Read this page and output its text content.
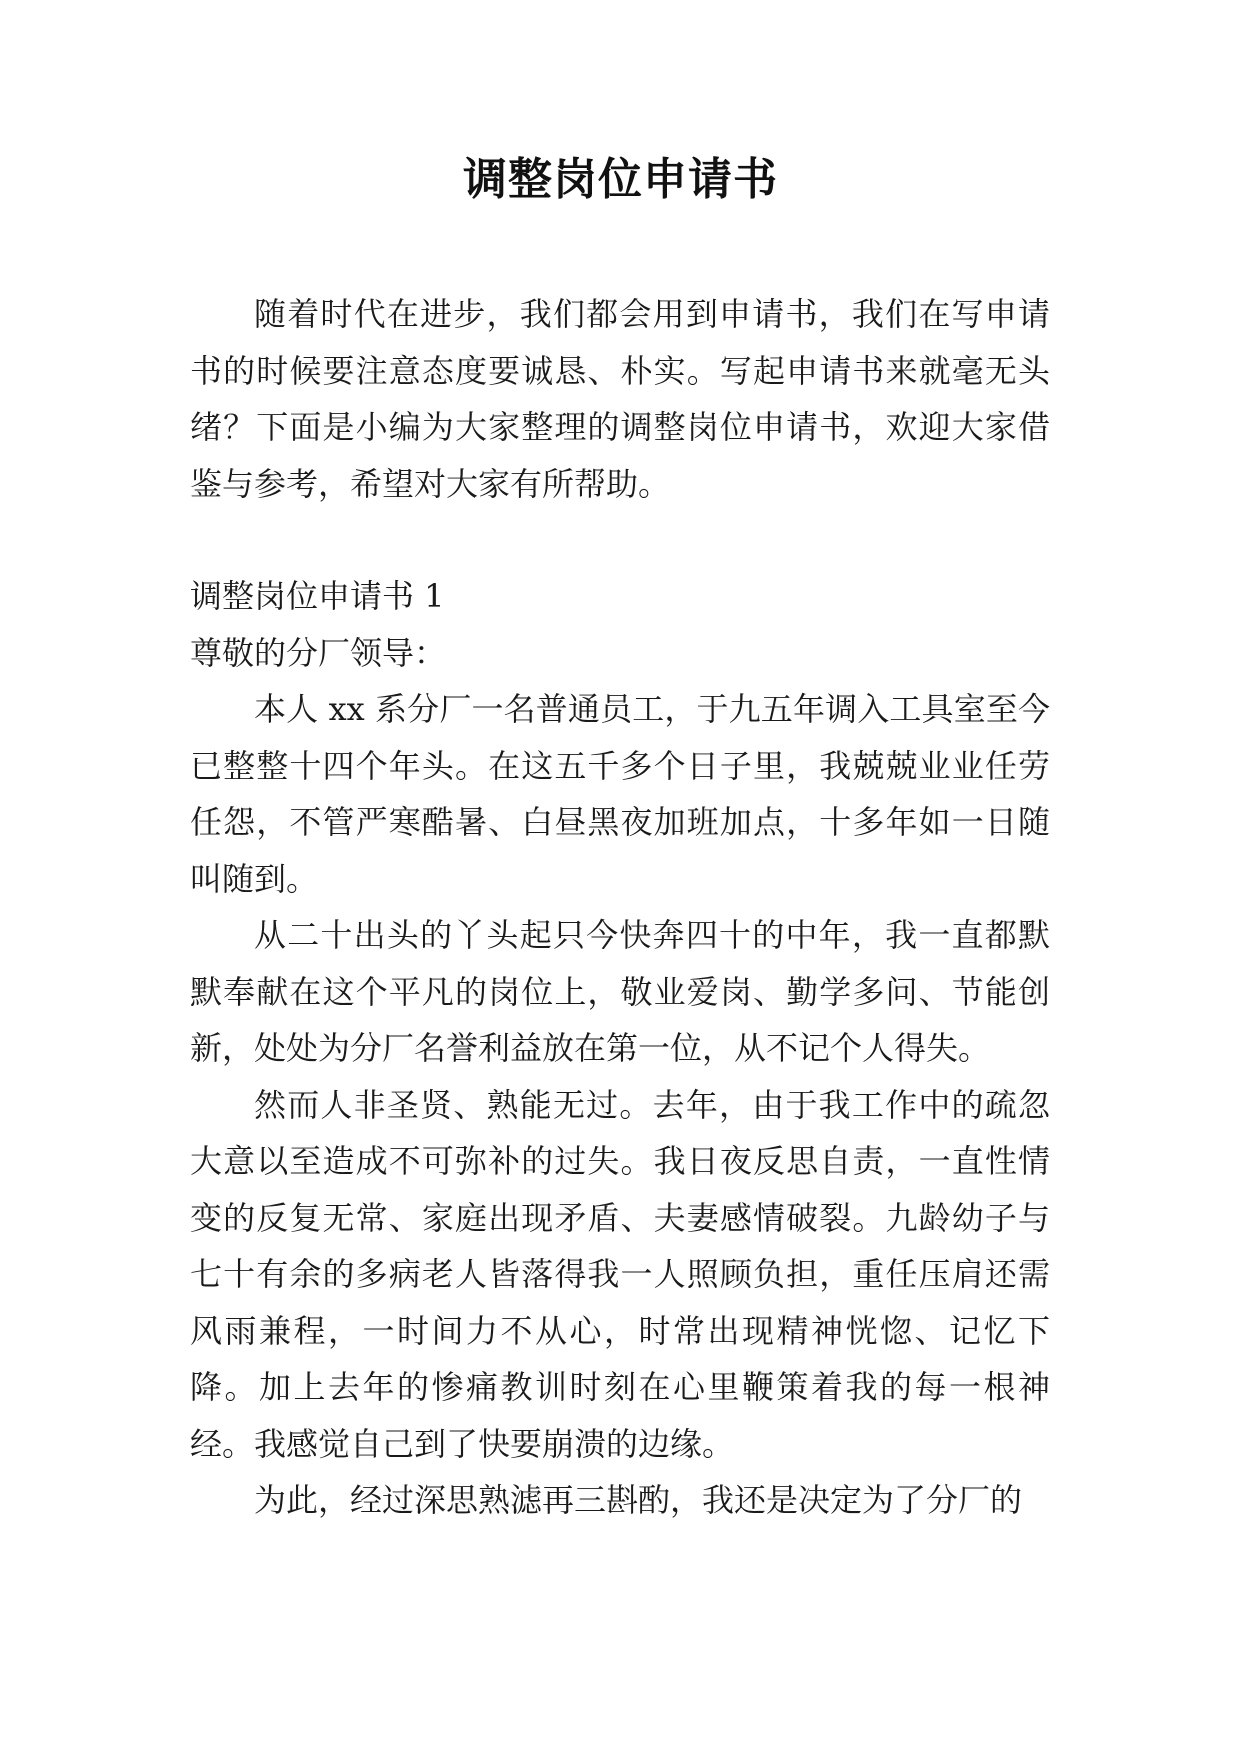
调整岗位申请书

随着时代在进步，我们都会用到申请书，我们在写申请书的时候要注意态度要诚恳、朴实。写起申请书来就毫无头绪？下面是小编为大家整理的调整岗位申请书，欢迎大家借鉴与参考，希望对大家有所帮助。

调整岗位申请书 1

尊敬的分厂领导：

本人 xx 系分厂一名普通员工，于九五年调入工具室至今已整整十四个年头。在这五千多个日子里，我兢兢业业任劳任怨，不管严寒酷暑、白昼黑夜加班加点，十多年如一日随叫随到。

从二十出头的丫头起只今快奔四十的中年，我一直都默默奉献在这个平凡的岗位上，敬业爱岗、勤学多问、节能创新，处处为分厂名誉利益放在第一位，从不记个人得失。

然而人非圣贤、熟能无过。去年，由于我工作中的疏忽大意以至造成不可弥补的过失。我日夜反思自责，一直性情变的反复无常、家庭出现矛盾、夫妻感情破裂。九龄幼子与七十有余的多病老人皆落得我一人照顾负担，重任压肩还需风雨兼程，一时间力不从心，时常出现精神恍惚、记忆下降。加上去年的惨痛教训时刻在心里鞭策着我的每一根神经。我感觉自己到了快要崩溃的边缘。

为此，经过深思熟滤再三斟酌，我还是决定为了分厂的
